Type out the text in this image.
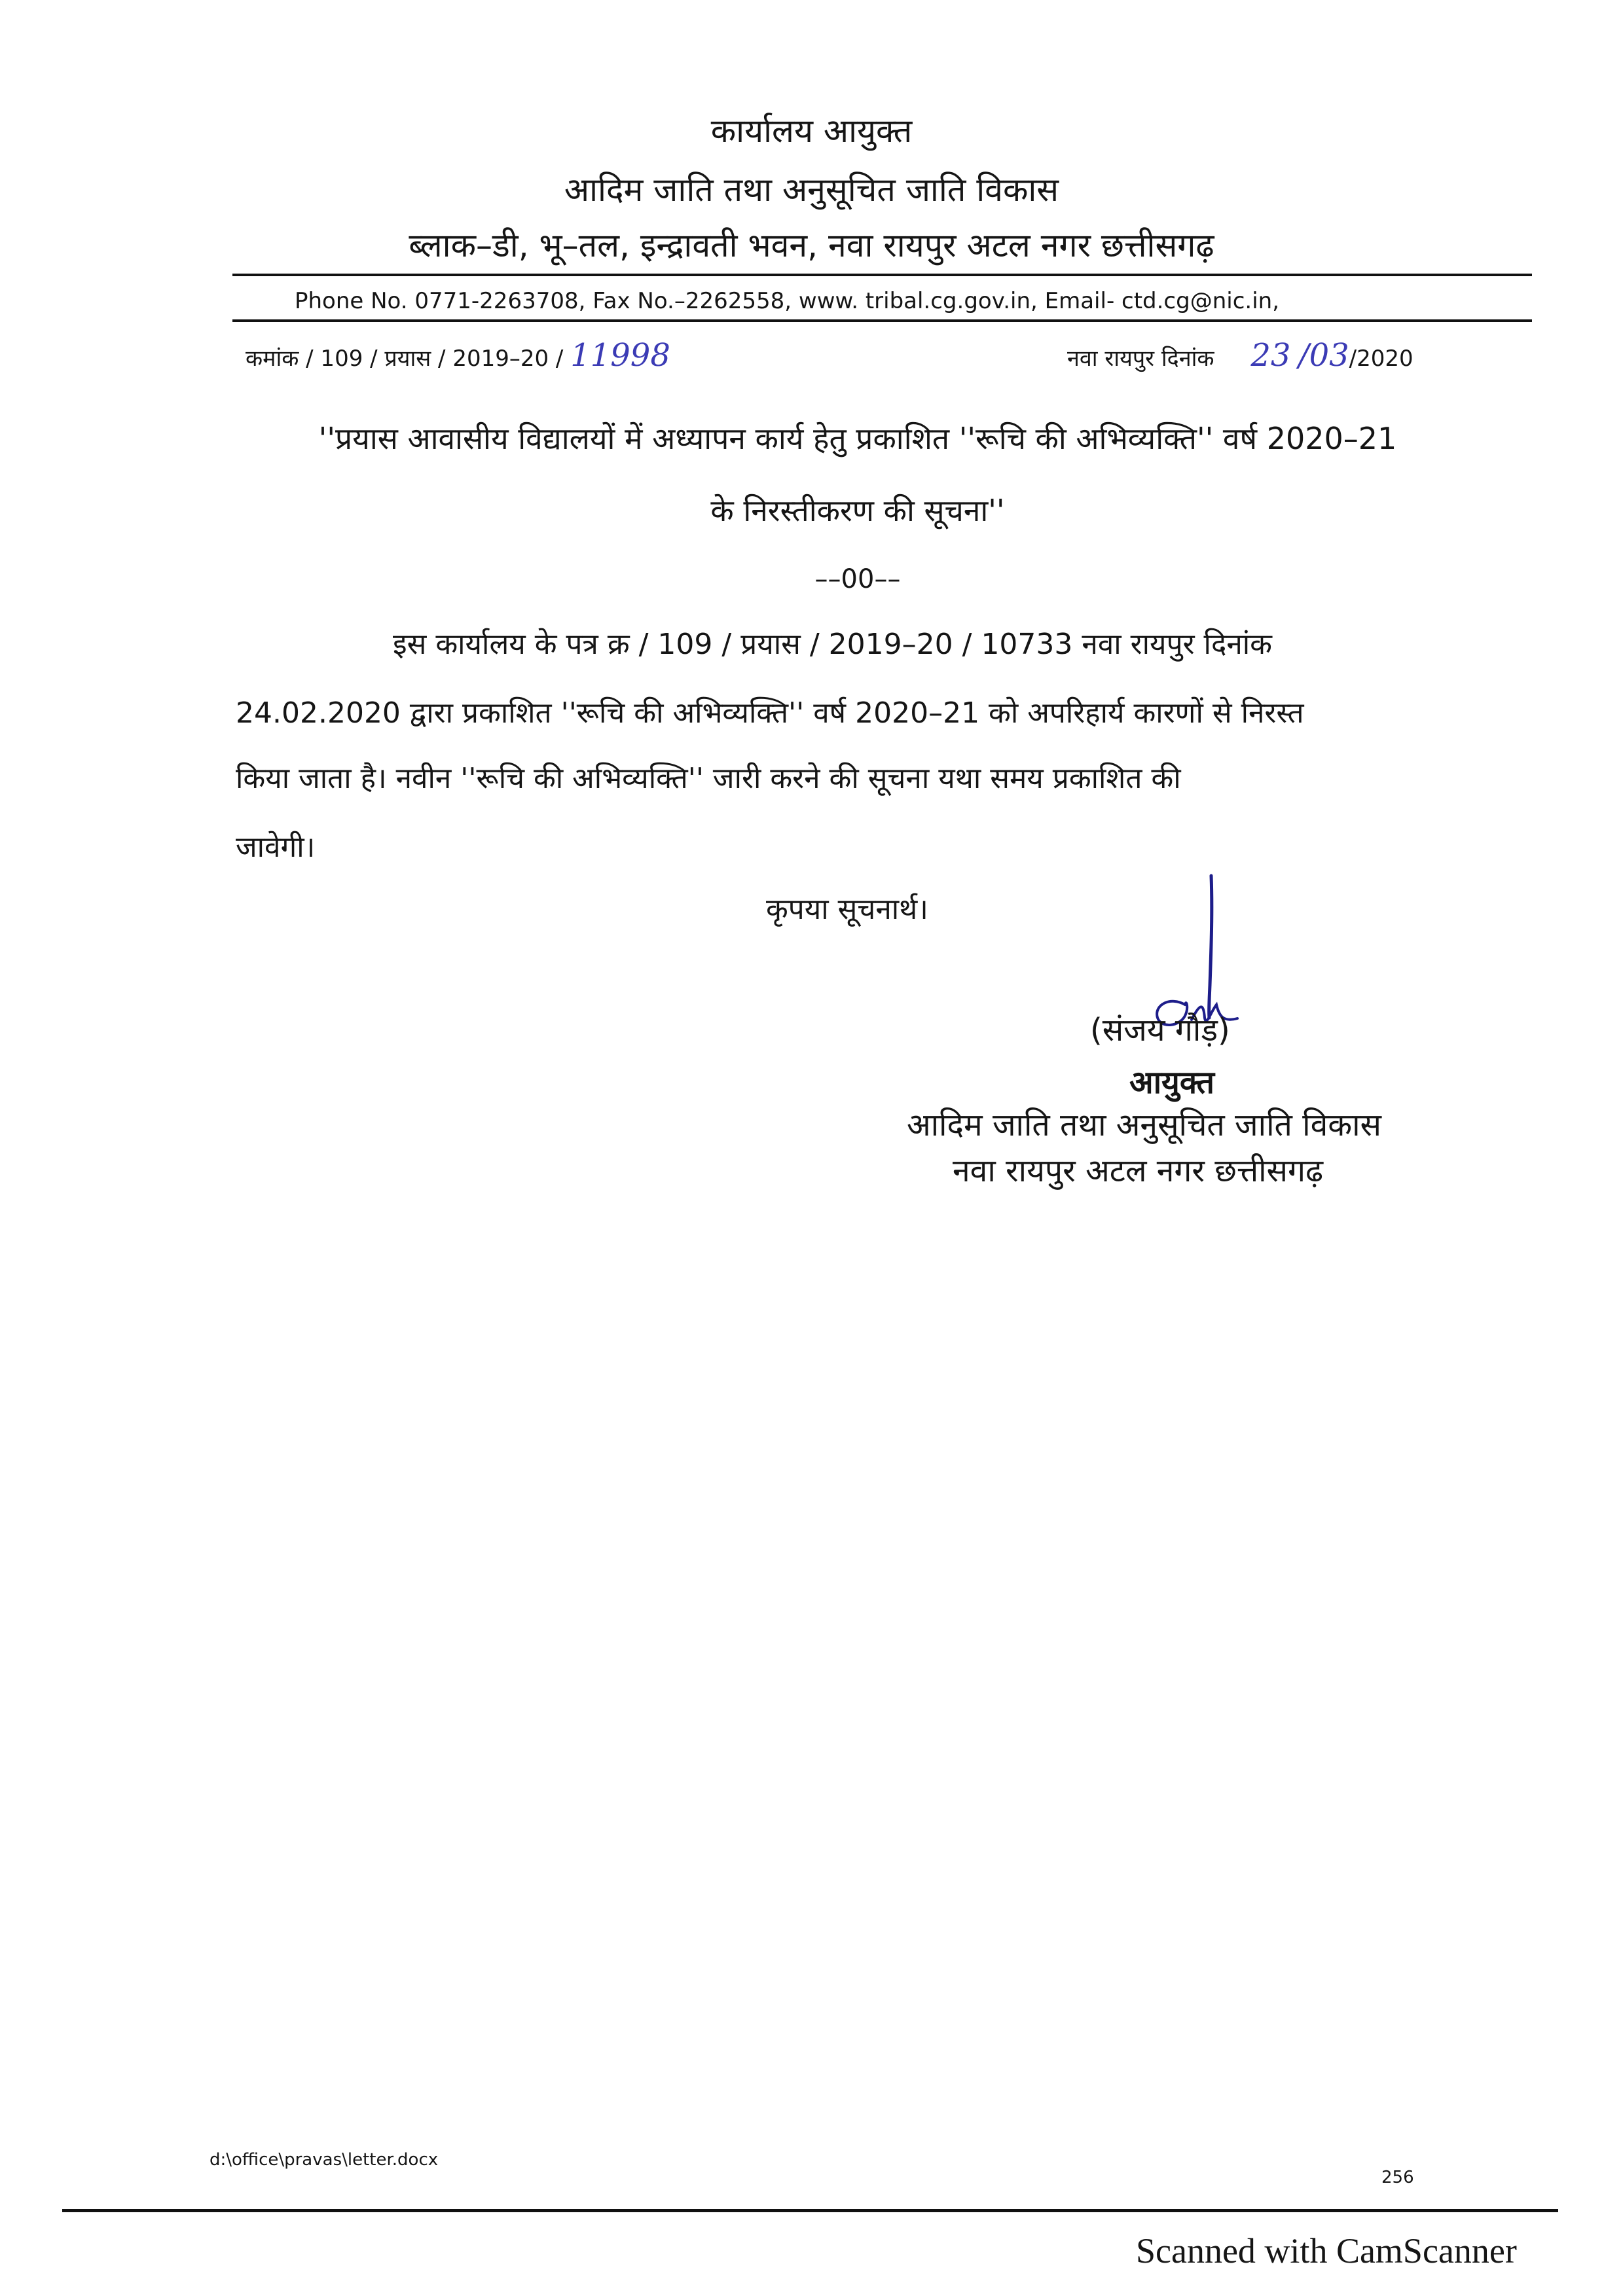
कार्यालय आयुक्त
आदिम जाति तथा अनुसूचित जाति विकास
ब्लाक–डी, भू–तल, इन्द्रावती भवन, नवा रायपुर अटल नगर छत्तीसगढ़
Phone No. 0771-2263708, Fax No.–2262558, www. tribal.cg.gov.in, Email- ctd.cg@nic.in,
कमांक / 109 / प्रयास / 2019–20 / 11998	नवा रायपुर दिनांक 23 /03/2020
''प्रयास आवासीय विद्यालयों में अध्यापन कार्य हेतु प्रकाशित ''रूचि की अभिव्यक्ति'' वर्ष 2020–21
के निरस्तीकरण की सूचना''
––00––
इस कार्यालय के पत्र क्र / 109 / प्रयास / 2019–20 / 10733 नवा रायपुर दिनांक
24.02.2020 द्वारा प्रकाशित ''रूचि की अभिव्यक्ति'' वर्ष 2020–21 को अपरिहार्य कारणों से निरस्त
किया जाता है। नवीन ''रूचि की अभिव्यक्ति'' जारी करने की सूचना यथा समय प्रकाशित की
जावेगी।
कृपया सूचनार्थ।
(संजय गौड़)
आयुक्त
आदिम जाति तथा अनुसूचित जाति विकास
नवा रायपुर अटल नगर छत्तीसगढ़
d:\office\pravas\letter.docx
256
Scanned with CamScanner
